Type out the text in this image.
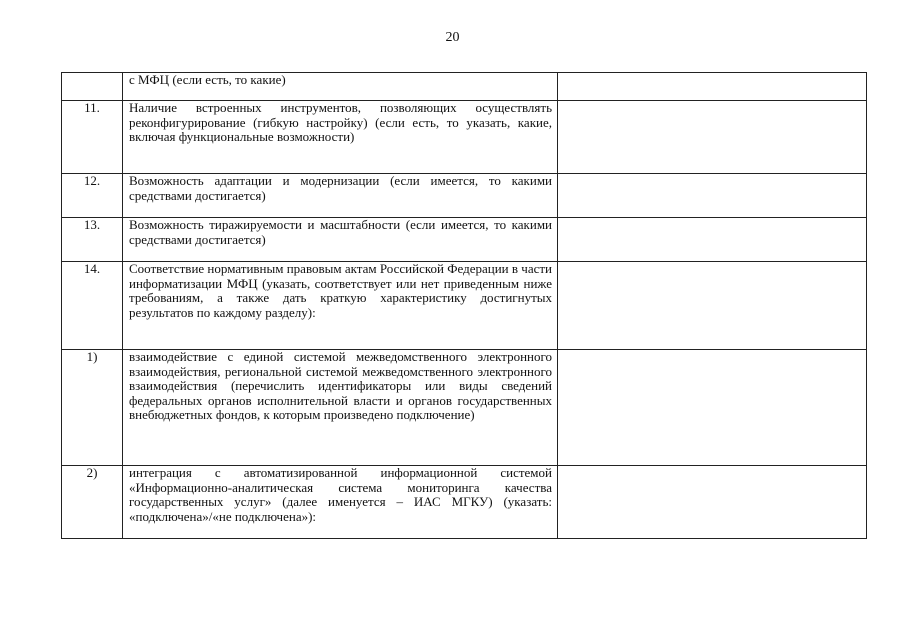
20

	с МФЦ (если есть, то какие)	

11.	Наличие встроенных инструментов, позволяющих осуществлять реконфигурирование (гибкую настройку) (если есть, то указать, какие, включая функциональные возможности)	

12.	Возможность адаптации и модернизации (если имеется, то какими средствами достигается)	

13.	Возможность тиражируемости и масштабности (если имеется, то какими средствами достигается)	

14.	Соответствие нормативным правовым актам Российской Федерации в части информатизации МФЦ (указать, соответствует или нет приведенным ниже требованиям, а также дать краткую характеристику достигнутых результатов по каждому разделу):	

1)	взаимодействие с единой системой межведомственного электронного взаимодействия, региональной системой межведомственного электронного взаимодействия (перечислить идентификаторы или виды сведений федеральных органов исполнительной власти и органов государственных внебюджетных фондов, к которым произведено подключение)	

2)	интеграция с автоматизированной информационной системой «Информационно-аналитическая система мониторинга качества государственных услуг» (далее именуется – ИАС МГКУ) (указать: «подключена»/«не подключена»):	
